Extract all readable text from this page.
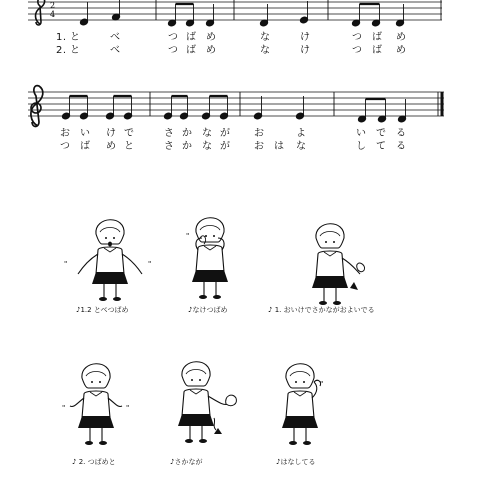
2
4
1. と	べ	つ ば め	な	け	つ ば め
2. と	べ	つ ば め	な	け	つ ば め
お い け で	さ か な が お	よ	い で る
つ ば め と	さ か な が お は な	し て る
"	"
"
"	"
"
♪1.2 とべつばめ	♪なけつばめ	♪ 1. おいけでさかながおよいでる
♪ 2. つばめと	♪さかなが	♪はなしてる
